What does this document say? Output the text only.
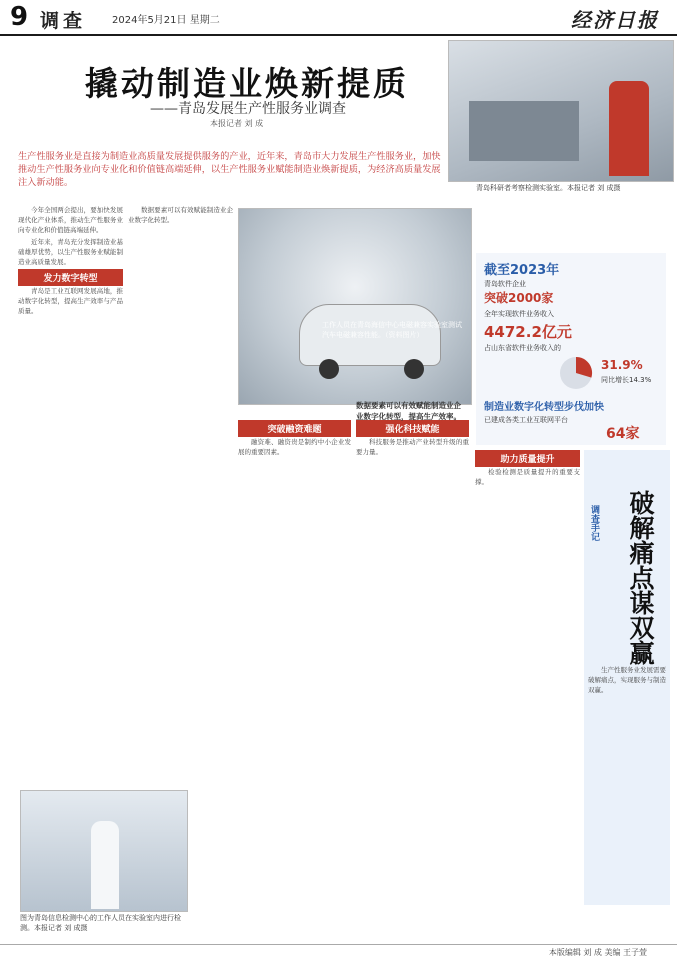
9 调查	2024年5月21日 星期二	经济日报
撬动制造业焕新提质
——青岛发展生产性服务业调查
本报记者 刘 成
生产性服务业是直接为制造业高质量发展提供服务的产业，近年来，青岛市大力发展生产性服务业，加快推动生产性服务业向专业化和价值链高端延伸，以生产性服务业赋能制造业焕新提质，为经济高质量发展注入新动能。	青岛科研者考察检测实验室。本报记者 刘 成摄
工作人员在青岛海信中心电磁兼容实验室测试汽车电磁兼容性能。（资料图片）
图为青岛信息检测中心的工作人员在实验室内进行检测。本报记者 刘 成摄

今年全国两会提出，要加快发展现代化产业体系，推动生产性服务业向专业化和价值链高端延伸。

近年来，青岛充分发挥制造业基础雄厚优势，以生产性服务业赋能制造业高质量发展。

发力数字转型

青岛是工业互联网发展高地，推动数字化转型，提高生产效率与产品质量。

数据要素可以有效赋能制造业企业数字化转型。

突破融资难题

融资难、融资贵是制约中小企业发展的重要因素。

强化科技赋能

科技服务是推动产业转型升级的重要力量。

助力质量提升

检验检测是质量提升的重要支撑。

数据要素可以有效赋能制造业企业数字化转型，提高生产效率。
截至2023年
青岛软件企业
突破2000家
全年实现软件业务收入
4472.2亿元
占山东省软件业务收入的
31.9%
同比增长14.3%
制造业数字化转型步伐加快
已建成各类工业互联网平台
64家
调查手记 破解痛点谋双赢

生产性服务业发展需要破解痛点，实现服务与制造双赢。

本版编辑 刘 成 美编 王子萱
